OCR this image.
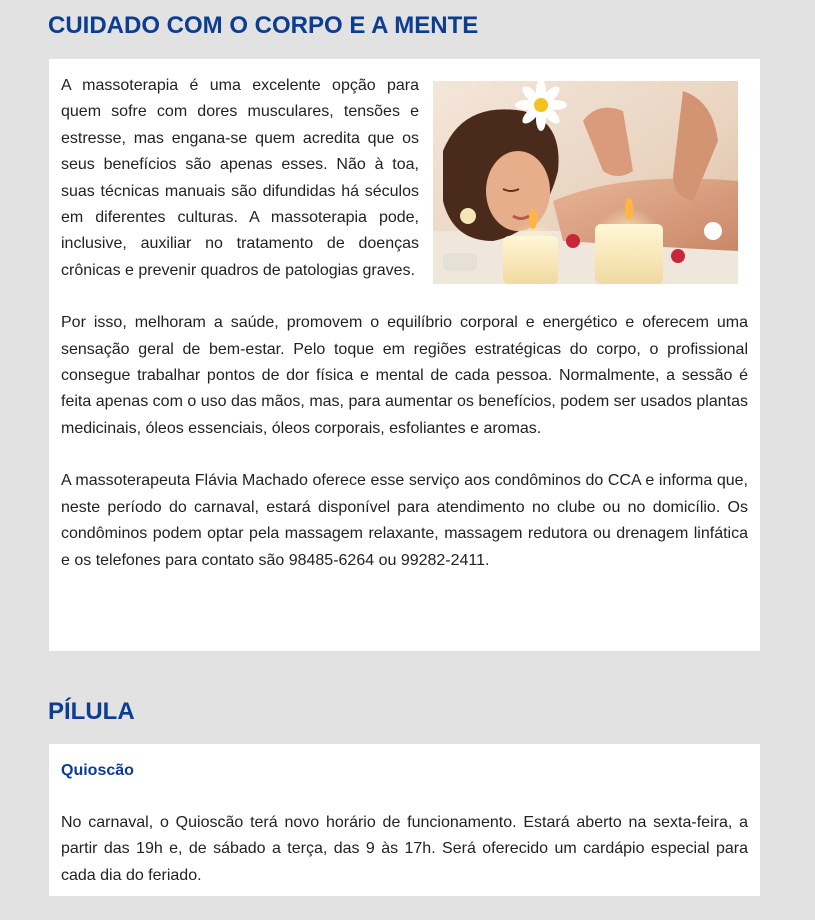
CUIDADO COM O CORPO E A MENTE

A massoterapia é uma excelente opção para quem sofre com dores musculares, tensões e estresse, mas engana-se quem acredita que os seus benefícios são apenas esses. Não à toa, suas técnicas manuais são difundidas há séculos em diferentes culturas. A massoterapia pode, inclusive, auxiliar no tratamento de doenças crônicas e prevenir quadros de patologias graves.

Por isso, melhoram a saúde, promovem o equilíbrio corporal e energético e oferecem uma sensação geral de bem-estar. Pelo toque em regiões estratégicas do corpo, o profissional consegue trabalhar pontos de dor física e mental de cada pessoa. Normalmente, a sessão é feita apenas com o uso das mãos, mas, para aumentar os benefícios, podem ser usados plantas medicinais, óleos essenciais, óleos corporais, esfoliantes e aromas.

A massoterapeuta Flávia Machado oferece esse serviço aos condôminos do CCA e informa que, neste período do carnaval, estará disponível para atendimento no clube ou no domicílio. Os condôminos podem optar pela massagem relaxante, massagem redutora ou drenagem linfática e os telefones para contato são 98485-6264 ou 99282-2411.

PÍLULA
Quioscão

No carnaval, o Quioscão terá novo horário de funcionamento. Estará aberto na sexta-feira, a partir das 19h e, de sábado a terça, das 9 às 17h. Será oferecido um cardápio especial para cada dia do feriado.
